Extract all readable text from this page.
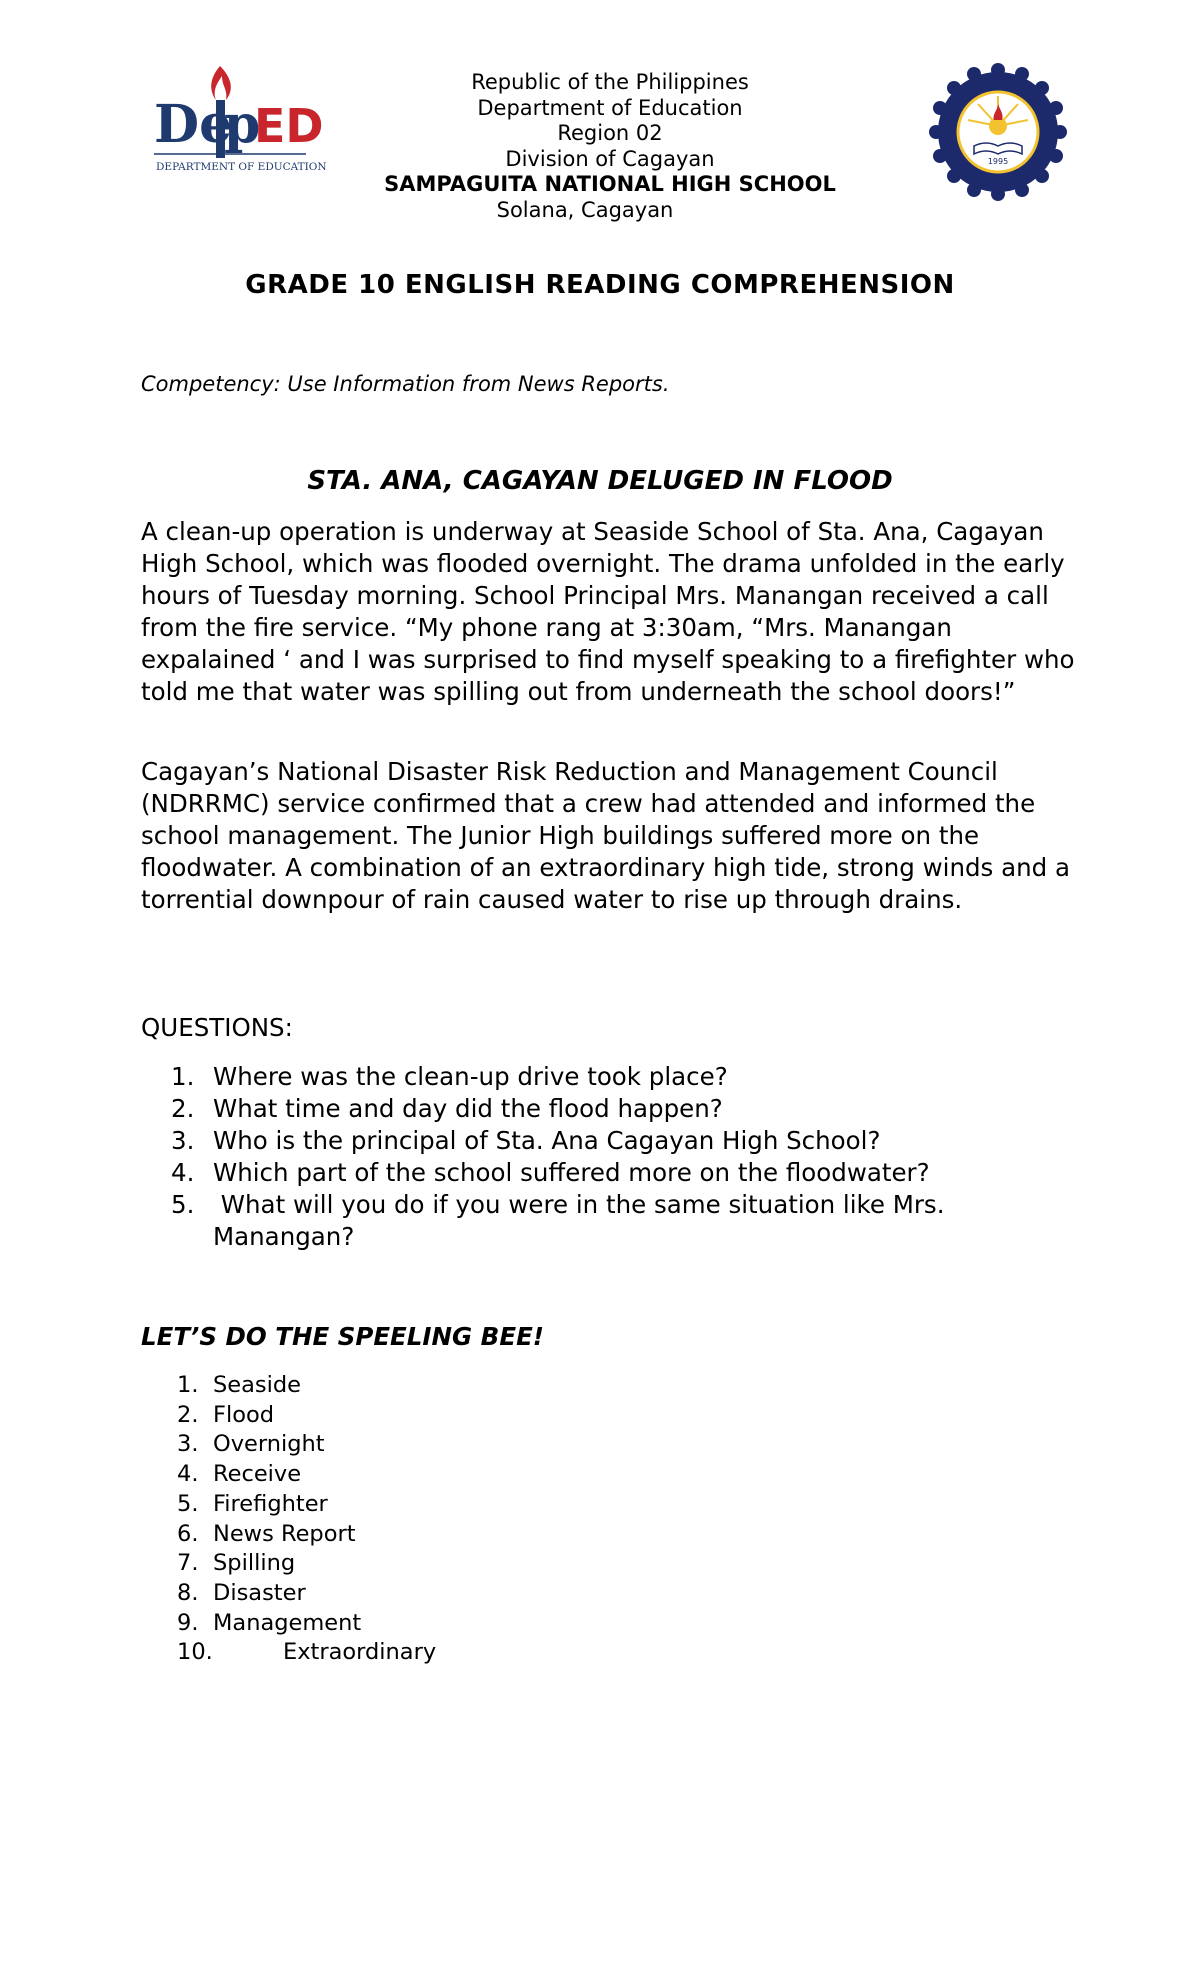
De
p
ED
DEPARTMENT OF EDUCATION
Republic of the Philippines
Department of Education
Region 02
Division of Cagayan
SAMPAGUITA NATIONAL HIGH SCHOOL
Solana, Cagayan
1995
GRADE 10 ENGLISH READING COMPREHENSION
Competency: Use Information from News Reports.
STA. ANA, CAGAYAN DELUGED IN FLOOD

A clean-up operation is underway at Seaside School of Sta. Ana, Cagayan High School, which was flooded overnight. The drama unfolded in the early hours of Tuesday morning. School Principal Mrs. Manangan received a call from the fire service. “My phone rang at 3:30am, “Mrs. Manangan expalained ‘ and I was surprised to find myself speaking to a firefighter who told me that water was spilling out from underneath the school doors!”

Cagayan’s National Disaster Risk Reduction and Management Council (NDRRMC) service confirmed that a crew had attended and informed the school management. The Junior High buildings suffered more on the floodwater. A combination of an extraordinary high tide, strong winds and a torrential downpour of rain caused water to rise up through drains.

QUESTIONS:
1. Where was the clean-up drive took place?
2. What time and day did the flood happen?
3. Who is the principal of Sta. Ana Cagayan High School?
4. Which part of the school suffered more on the floodwater?
5. What will you do if you were in the same situation like Mrs. Manangan?
LET’S DO THE SPEELING BEE!
1. Seaside
2. Flood
3. Overnight
4. Receive
5. Firefighter
6. News Report
7. Spilling
8. Disaster
9. Management
10.	Extraordinary
